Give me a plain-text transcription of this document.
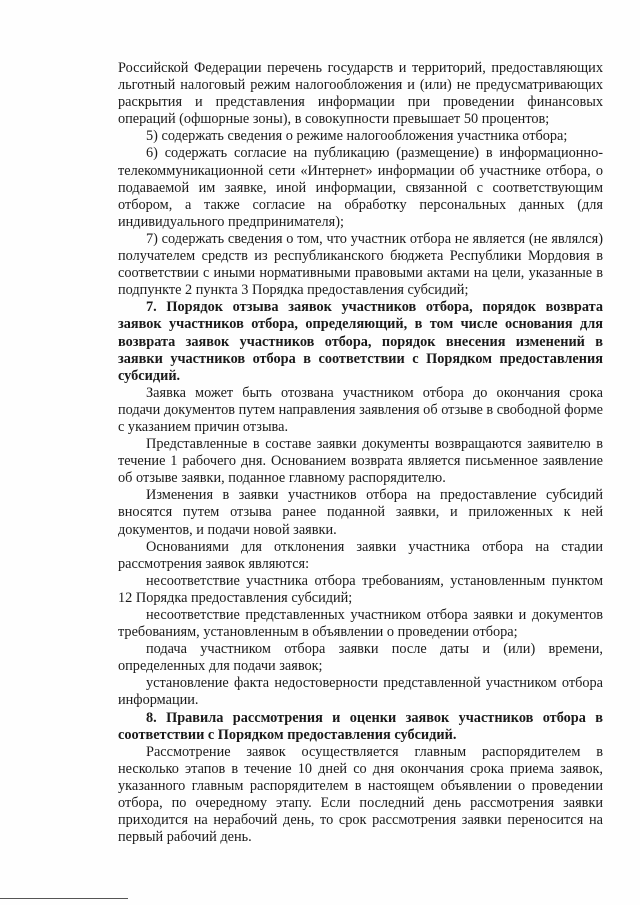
Российской Федерации перечень государств и территорий, предоставляющих льготный налоговый режим налогообложения и (или) не предусматривающих раскрытия и представления информации при проведении финансовых операций (офшорные зоны), в совокупности превышает 50 процентов;

5) содержать сведения о режиме налогообложения участника отбора;

6) содержать согласие на публикацию (размещение) в информационно-телекоммуникационной сети «Интернет» информации об участнике отбора, о подаваемой им заявке, иной информации, связанной с соответствующим отбором, а также согласие на обработку персональных данных (для индивидуального предпринимателя);

7) содержать сведения о том, что участник отбора не является (не являлся) получателем средств из республиканского бюджета Республики Мордовия в соответствии с иными нормативными правовыми актами на цели, указанные в подпункте 2 пункта 3 Порядка предоставления субсидий;

7. Порядок отзыва заявок участников отбора, порядок возврата заявок участников отбора, определяющий, в том числе основания для возврата заявок участников отбора, порядок внесения изменений в заявки участников отбора в соответствии с Порядком предоставления субсидий.

Заявка может быть отозвана участником отбора до окончания срока подачи документов путем направления заявления об отзыве в свободной форме с указанием причин отзыва.

Представленные в составе заявки документы возвращаются заявителю в течение 1 рабочего дня. Основанием возврата является письменное заявление об отзыве заявки, поданное главному распорядителю.

Изменения в заявки участников отбора на предоставление субсидий вносятся путем отзыва ранее поданной заявки, и приложенных к ней документов, и подачи новой заявки.

Основаниями для отклонения заявки участника отбора на стадии рассмотрения заявок являются:

несоответствие участника отбора требованиям, установленным пунктом 12 Порядка предоставления субсидий;

несоответствие представленных участником отбора заявки и документов требованиям, установленным в объявлении о проведении отбора;

подача участником отбора заявки после даты и (или) времени, определенных для подачи заявок;

установление факта недостоверности представленной участником отбора информации.

8. Правила рассмотрения и оценки заявок участников отбора в соответствии с Порядком предоставления субсидий.

Рассмотрение заявок осуществляется главным распорядителем в несколько этапов в течение 10 дней со дня окончания срока приема заявок, указанного главным распорядителем в настоящем объявлении о проведении отбора, по очередному этапу. Если последний день рассмотрения заявки приходится на нерабочий день, то срок рассмотрения заявки переносится на первый рабочий день.
